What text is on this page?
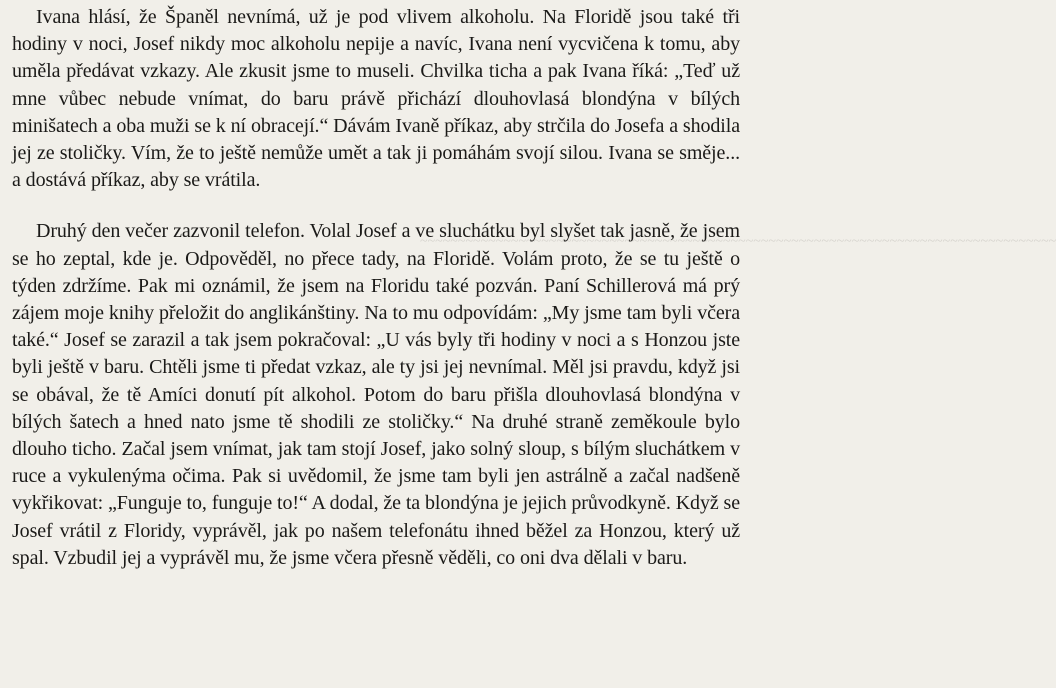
~~~~~~~~~~~~~~~~~~~~~~~~~~~~~~~~~~~~~~~~~~~~~~~~~~~~~~~~~~~~~~~~~~~~~~~~~~~~~~~~~~~~

Ivana hlásí, že Španěl nevnímá, už je pod vlivem alkoholu. Na Floridě jsou také tři hodiny v noci, Josef nikdy moc alkoholu nepije a navíc, Ivana není vycvičena k tomu, aby uměla předávat vzkazy. Ale zkusit jsme to museli. Chvilka ticha a pak Ivana říká: „Teď už mne vůbec nebude vnímat, do baru právě přichází dlouhovlasá blondýna v bílých minišatech a oba muži se k ní obracejí.“ Dávám Ivaně příkaz, aby strčila do Josefa a shodila jej ze stoličky. Vím, že to ještě nemůže umět a tak ji pomáhám svojí silou. Ivana se směje... a dostává příkaz, aby se vrátila.

Druhý den večer zazvonil telefon. Volal Josef a ve sluchátku byl slyšet tak jasně, že jsem se ho zeptal, kde je. Odpověděl, no přece tady, na Floridě. Volám proto, že se tu ještě o týden zdržíme. Pak mi oznámil, že jsem na Floridu také pozván. Paní Schillerová má prý zájem moje knihy přeložit do anglikánštiny. Na to mu odpovídám: „My jsme tam byli včera také.“ Josef se zarazil a tak jsem pokračoval: „U vás byly tři hodiny v noci a s Honzou jste byli ještě v baru. Chtěli jsme ti předat vzkaz, ale ty jsi jej nevnímal. Měl jsi pravdu, když jsi se obával, že tě Amíci donutí pít alkohol. Potom do baru přišla dlouhovlasá blondýna v bílých šatech a hned nato jsme tě shodili ze stoličky.“ Na druhé straně zeměkoule bylo dlouho ticho. Začal jsem vnímat, jak tam stojí Josef, jako solný sloup, s bílým sluchátkem v ruce a vykulenýma očima. Pak si uvědomil, že jsme tam byli jen astrálně a začal nadšeně vykřikovat: „Funguje to, funguje to!“ A dodal, že ta blondýna je jejich průvodkyně. Když se Josef vrátil z Floridy, vyprávěl, jak po našem telefonátu ihned běžel za Honzou, který už spal. Vzbudil jej a vyprávěl mu, že jsme včera přesně věděli, co oni dva dělali v baru.
